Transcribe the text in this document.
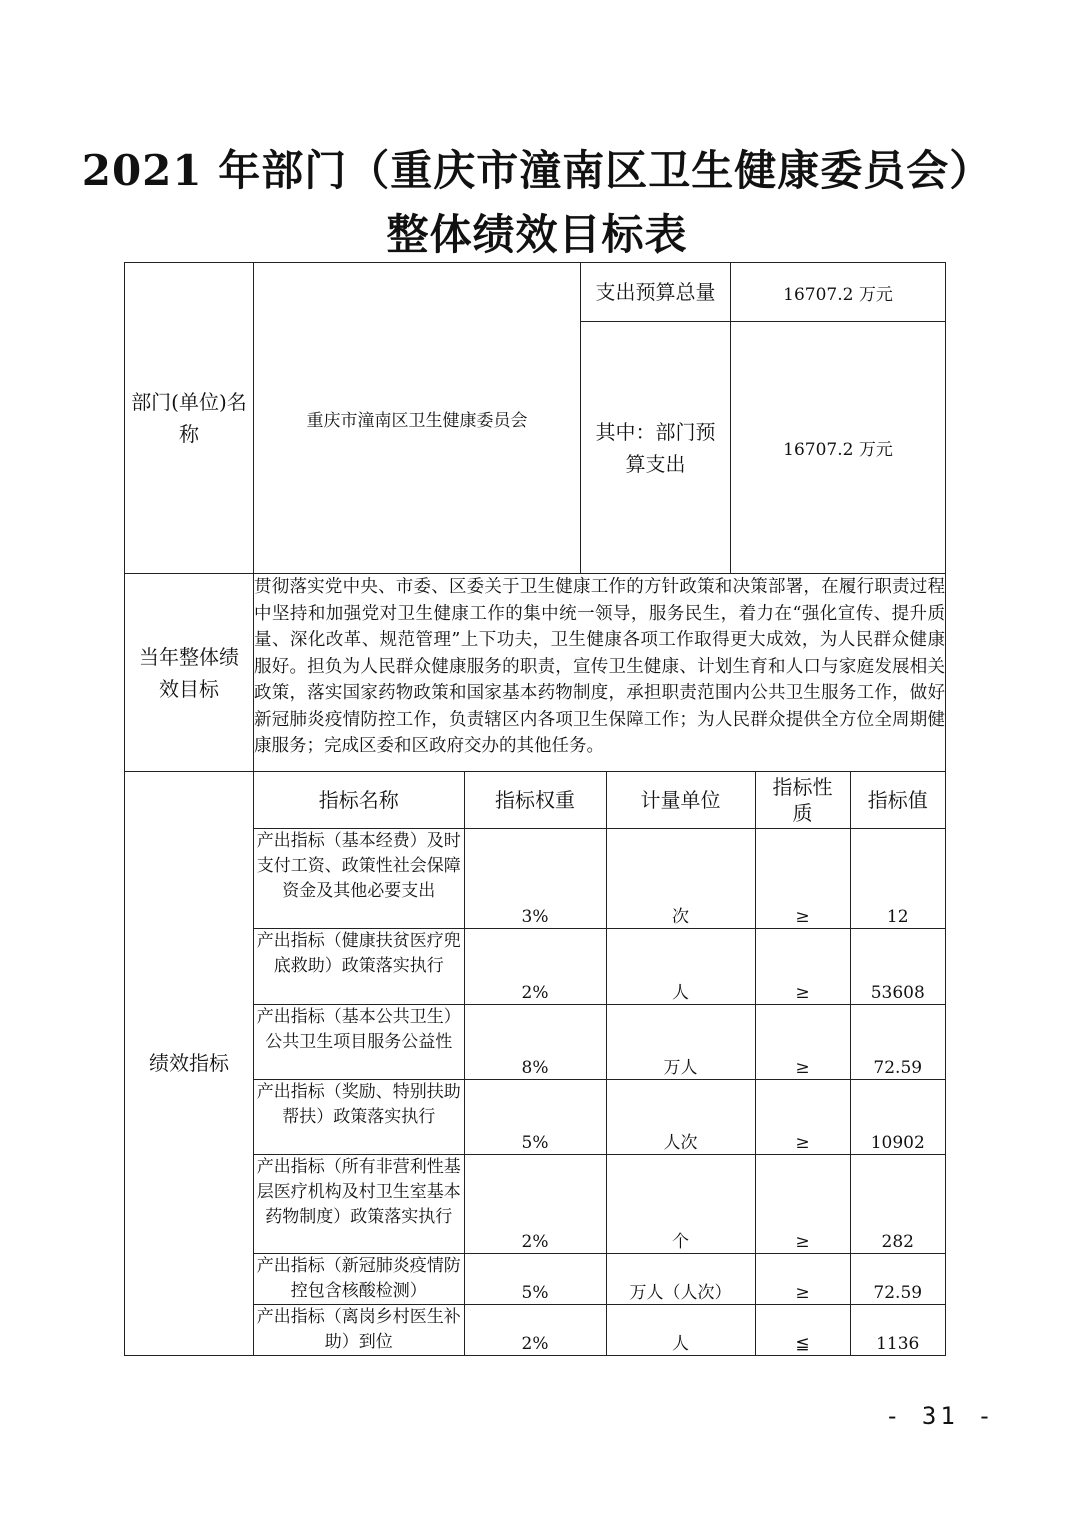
2021 年部门（重庆市潼南区卫生健康委员会）
整体绩效目标表
部门(单位)名称	重庆市潼南区卫生健康委员会	支出预算总量	16707.2 万元
其中：部门预算支出	16707.2 万元
当年整体绩效目标	贯彻落实党中央、市委、区委关于卫生健康工作的方针政策和决策部署，在履行职责过程中坚持和加强党对卫生健康工作的集中统一领导，服务民生，着力在“强化宣传、提升质量、深化改革、规范管理”上下功夫，卫生健康各项工作取得更大成效，为人民群众健康服好。担负为人民群众健康服务的职责，宣传卫生健康、计划生育和人口与家庭发展相关政策，落实国家药物政策和国家基本药物制度，承担职责范围内公共卫生服务工作，做好新冠肺炎疫情防控工作，负责辖区内各项卫生保障工作；为人民群众提供全方位全周期健康服务；完成区委和区政府交办的其他任务。
绩效指标	
指标名称	指标权重	计量单位	指标性质	指标值
产出指标（基本经费）及时支付工资、政策性社会保障资金及其他必要支出	3%	次	≥	12
产出指标（健康扶贫医疗兜底救助）政策落实执行	2%	人	≥	53608
产出指标（基本公共卫生）公共卫生项目服务公益性	8%	万人	≥	72.59
产出指标（奖励、特别扶助帮扶）政策落实执行	5%	人次	≥	10902
产出指标（所有非营利性基层医疗机构及村卫生室基本药物制度）政策落实执行	2%	个	≥	282
产出指标（新冠肺炎疫情防控包含核酸检测）	5%	万人（人次）	≥	72.59
产出指标（离岗乡村医生补助）到位	2%	人	≦	1136
- 31 -
